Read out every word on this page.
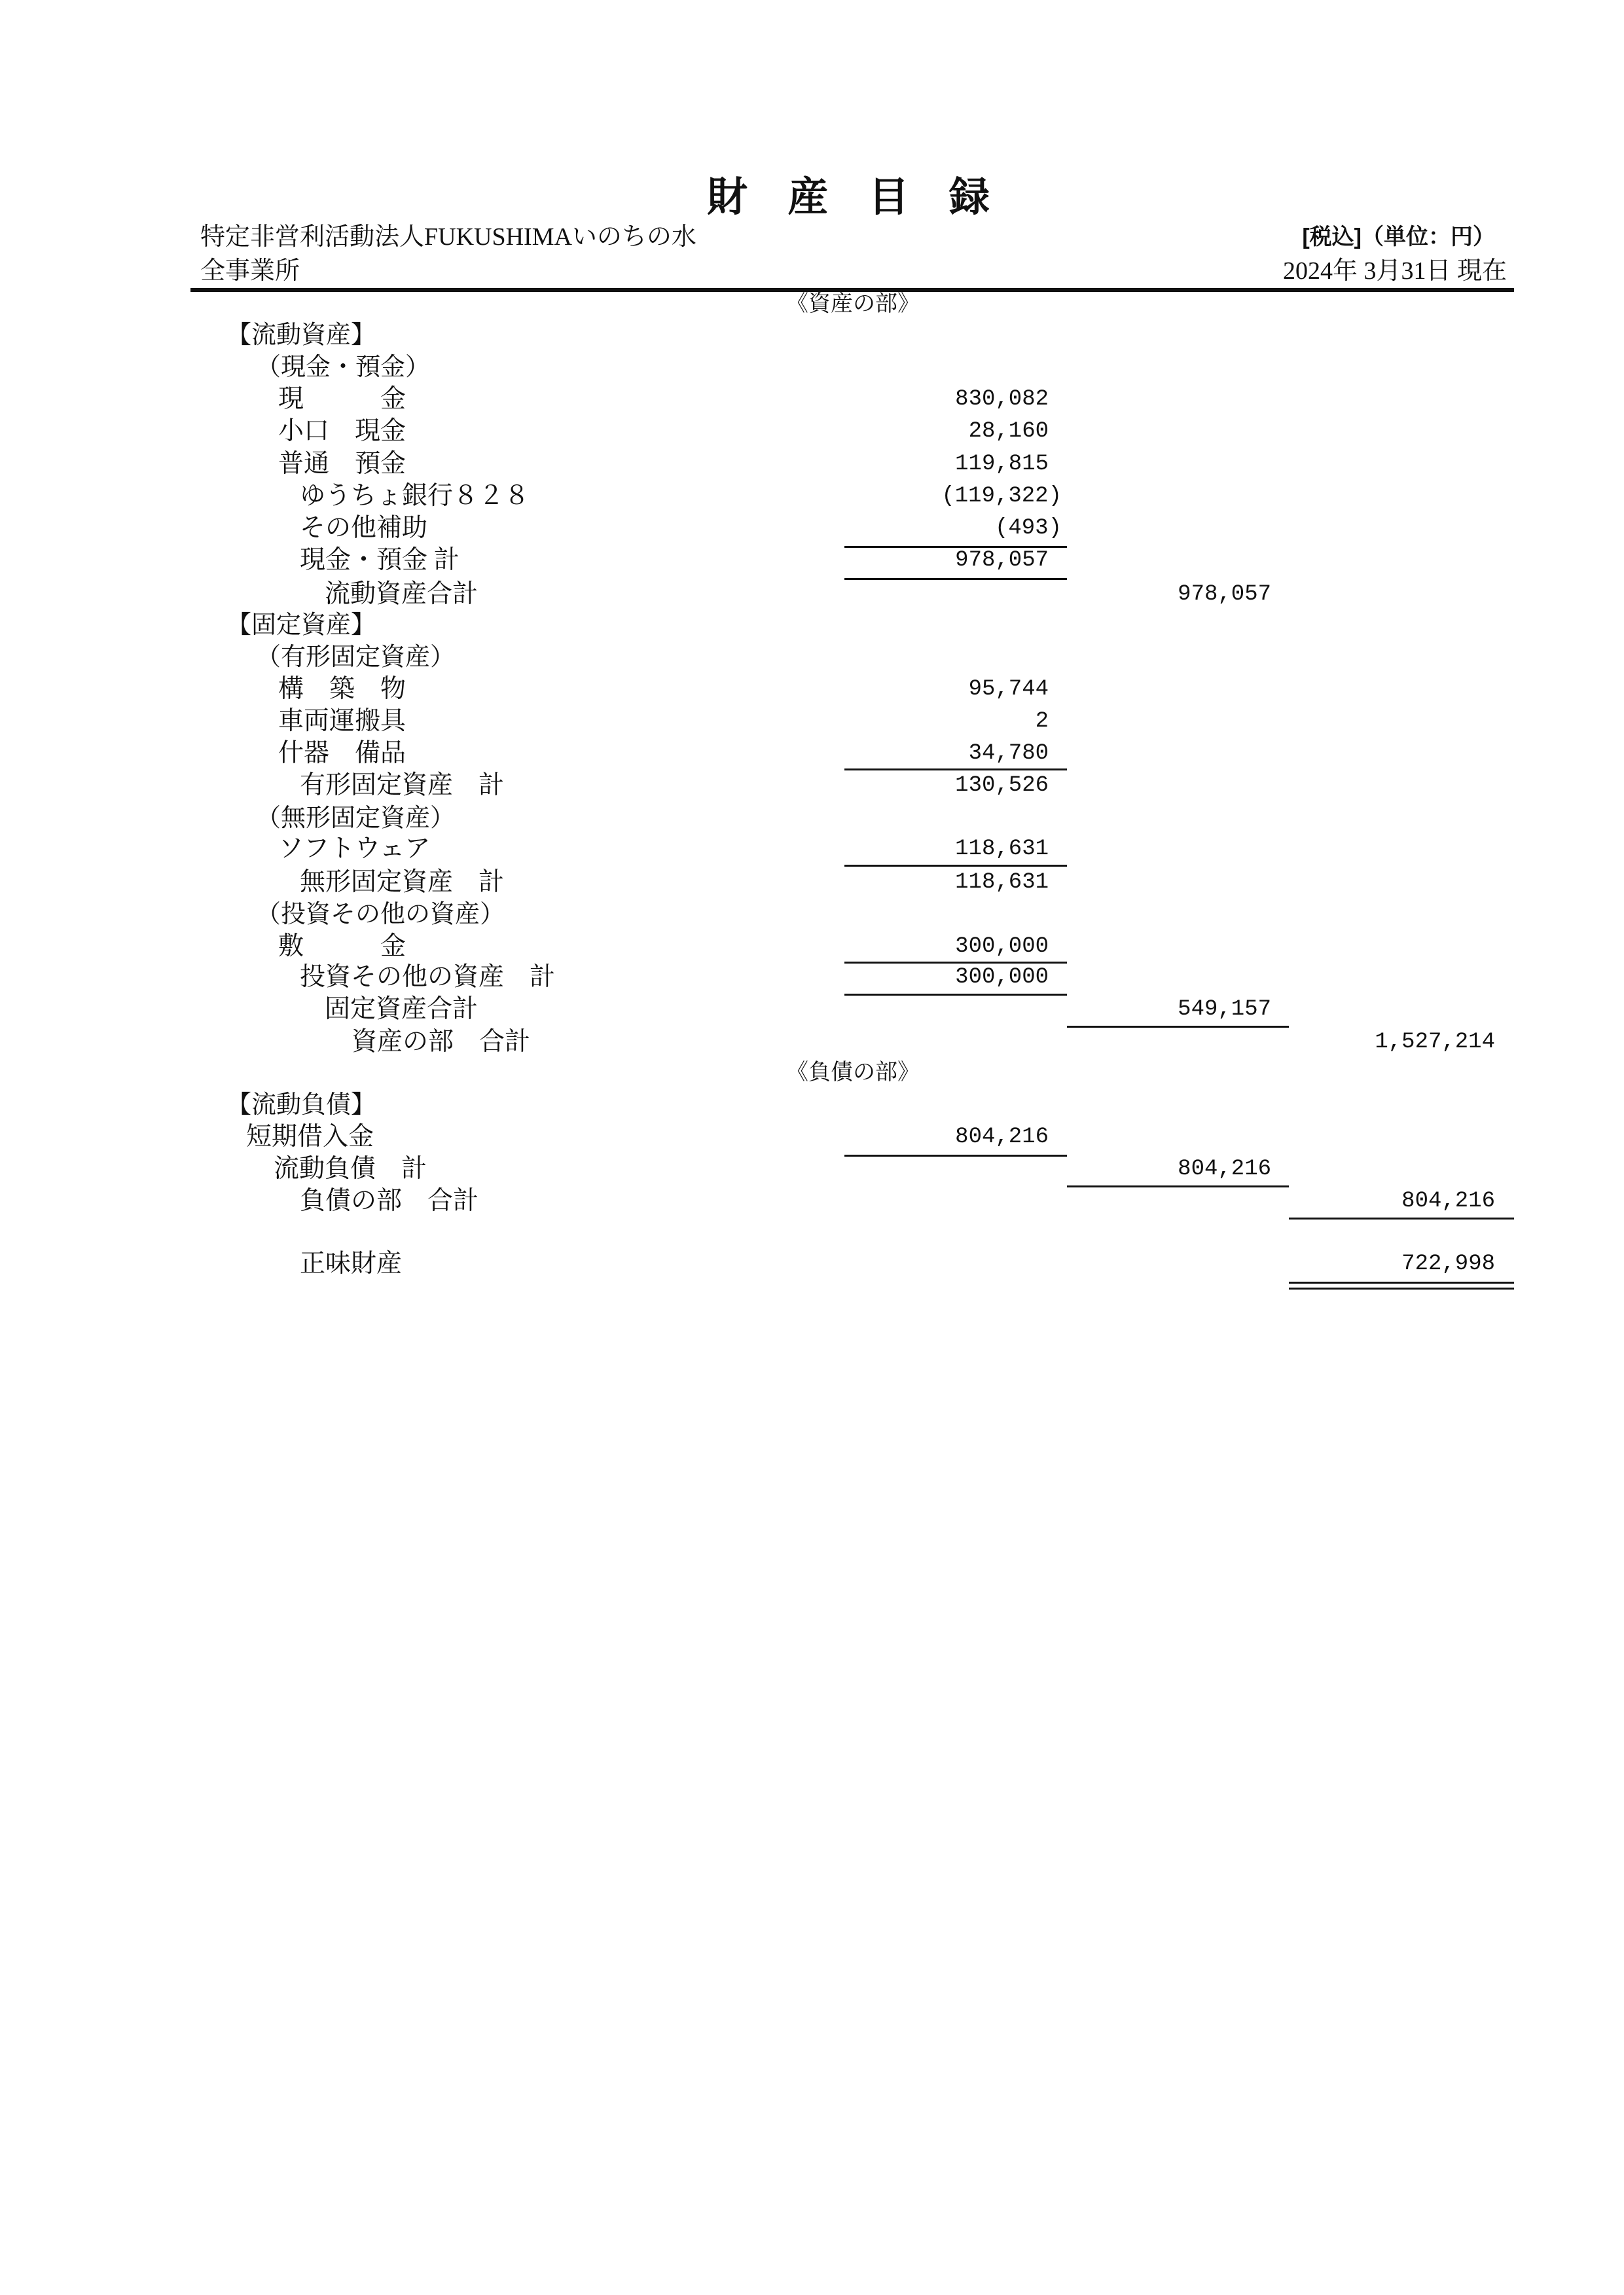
財 産 目 録
特定非営利活動法人FUKUSHIMAいのちの水
全事業所
[税込]（単位：円）
2024年 3月31日 現在
《資産の部》
【流動資産】
（現金・預金）
現　　　金	830,082
小口　現金	28,160
普通　預金	119,815
ゆうちょ銀行８２８	(119,322)
その他補助	(493)
現金・預金 計	978,057
流動資産合計	978,057
【固定資産】
（有形固定資産）
構　築　物	95,744
車両運搬具	2
什器　備品	34,780
有形固定資産　計	130,526
（無形固定資産）
ソフトウェア	118,631
無形固定資産　計	118,631
（投資その他の資産）
敷　　　金	300,000
投資その他の資産　計	300,000
固定資産合計	549,157
資産の部　合計	1,527,214
《負債の部》
【流動負債】
短期借入金	804,216
流動負債　計	804,216
負債の部　合計	804,216
正味財産	722,998
